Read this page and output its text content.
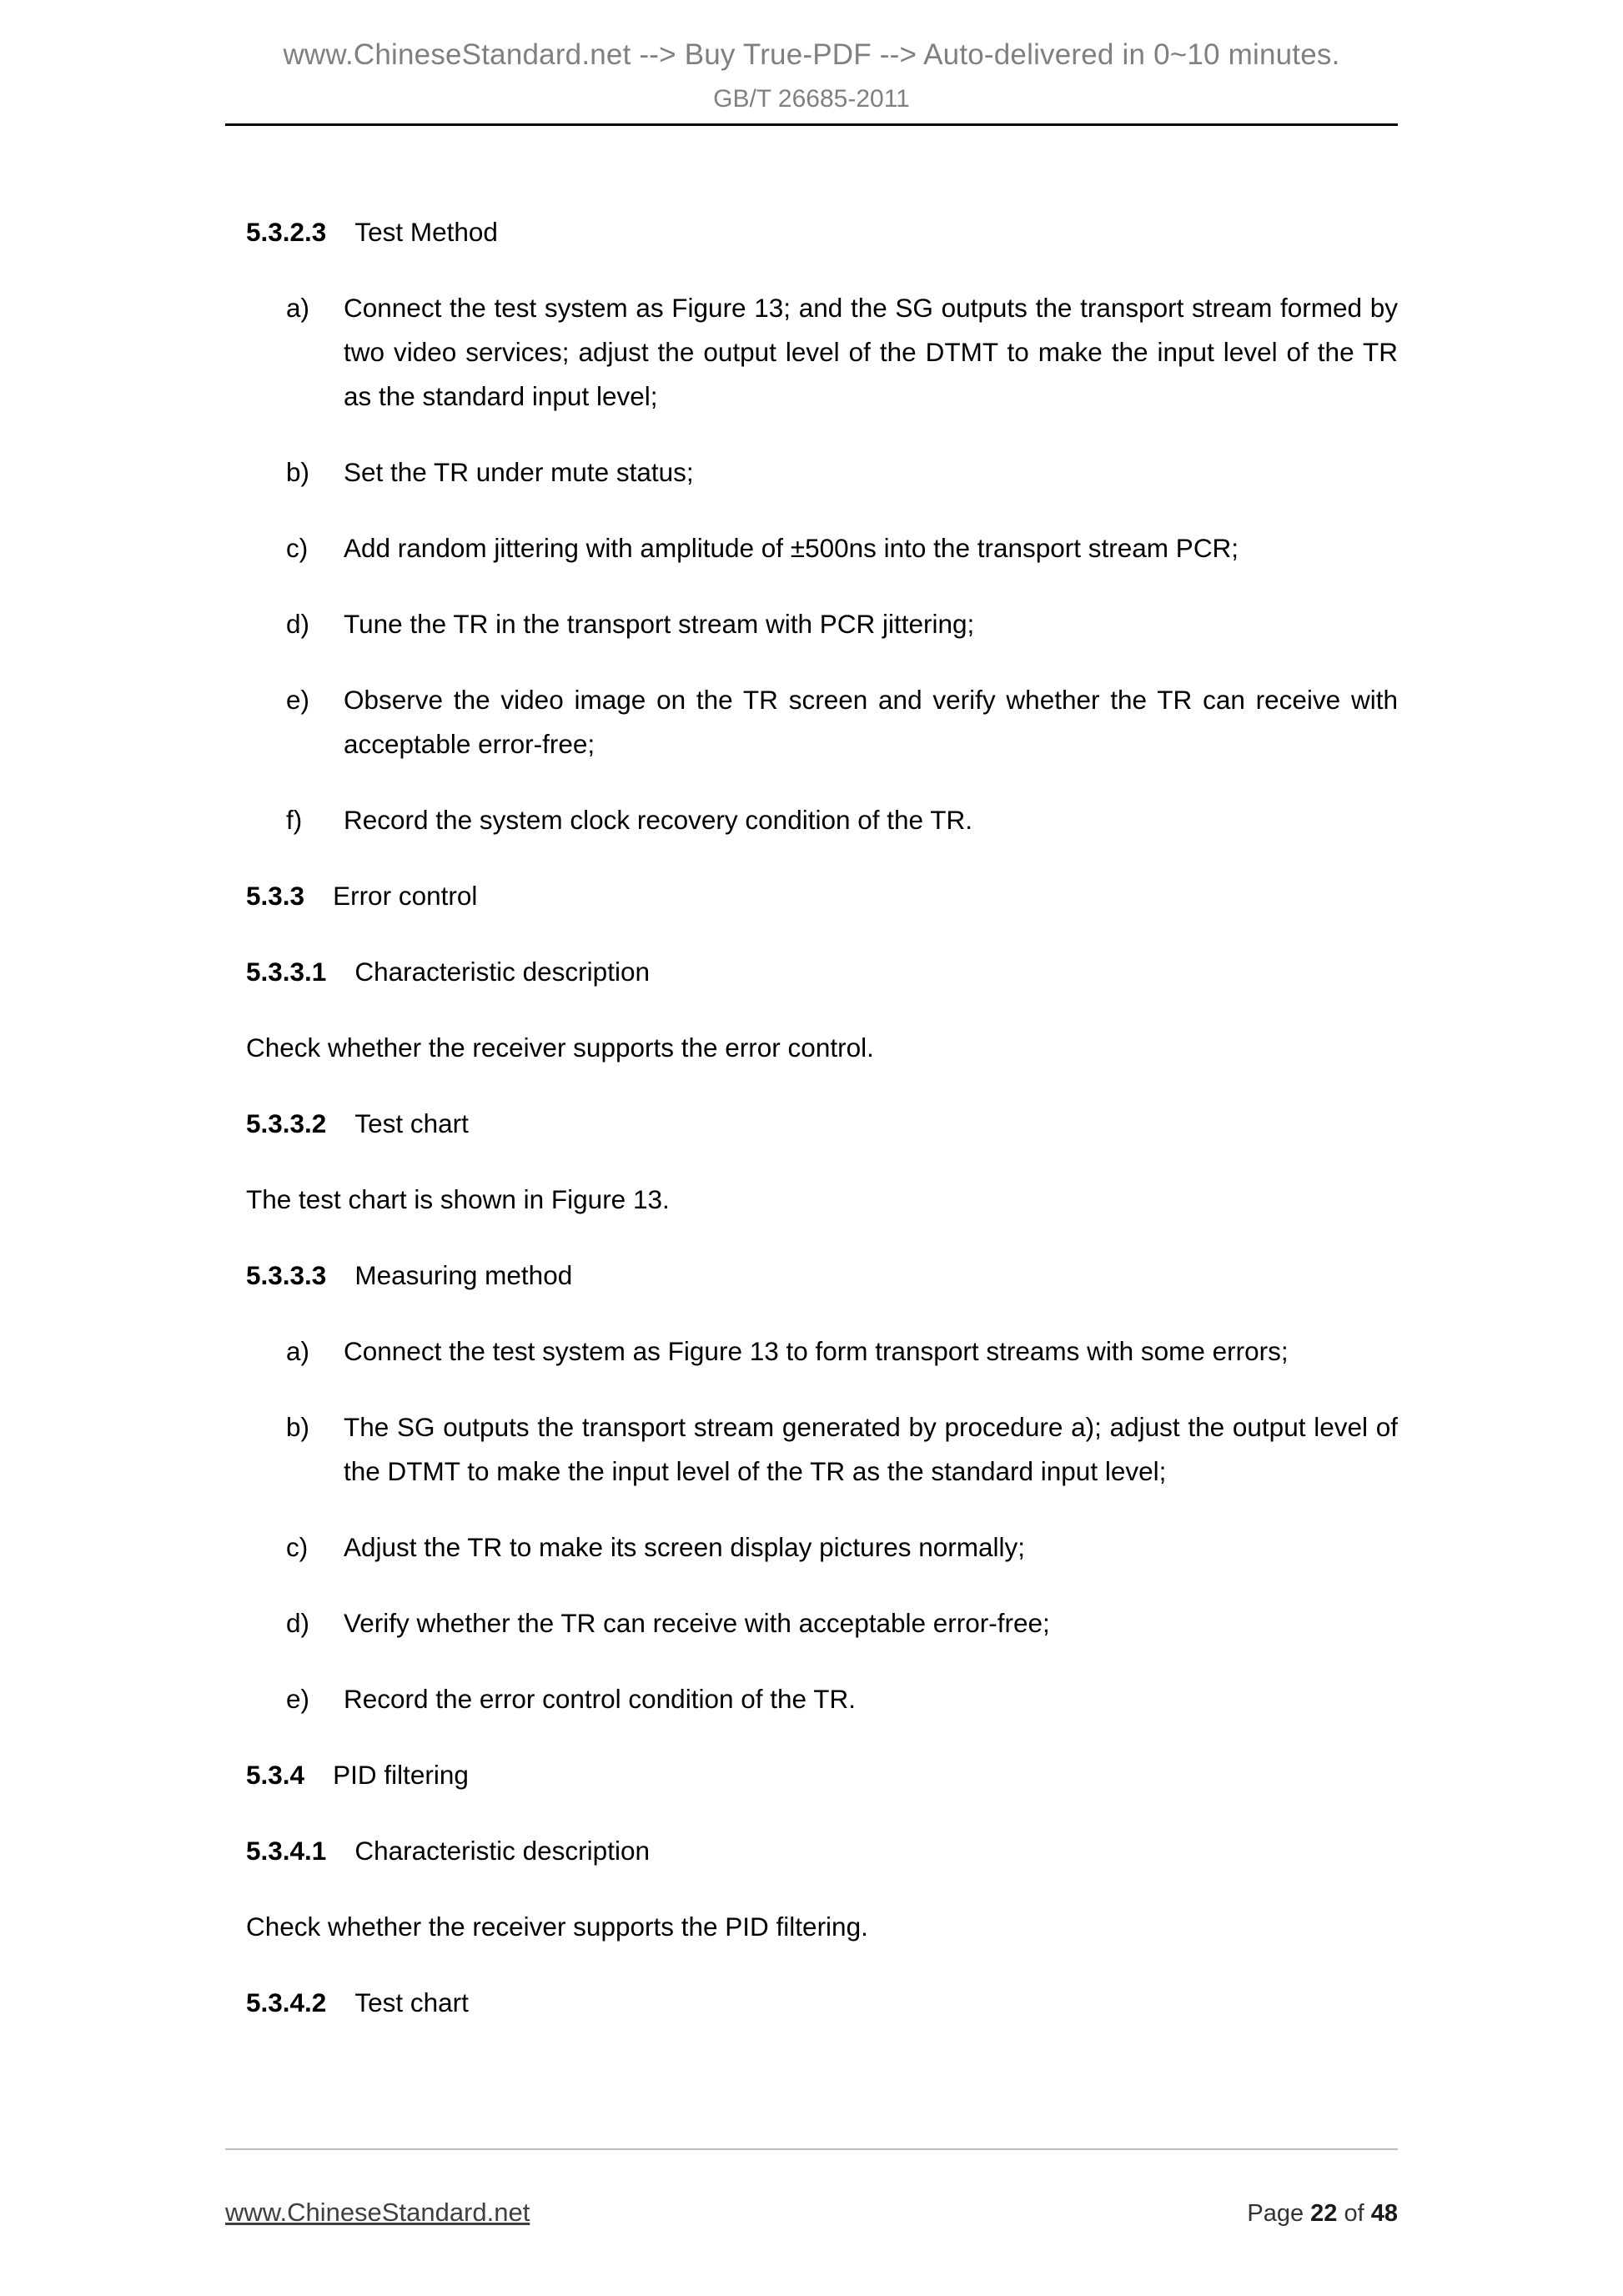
www.ChineseStandard.net --> Buy True-PDF --> Auto-delivered in 0~10 minutes.
GB/T 26685-2011
5.3.2.3 Test Method
a) Connect the test system as Figure 13; and the SG outputs the transport stream formed by two video services; adjust the output level of the DTMT to make the input level of the TR as the standard input level;
b) Set the TR under mute status;
c) Add random jittering with amplitude of ±500ns into the transport stream PCR;
d) Tune the TR in the transport stream with PCR jittering;
e) Observe the video image on the TR screen and verify whether the TR can receive with acceptable error-free;
f) Record the system clock recovery condition of the TR.
5.3.3 Error control
5.3.3.1 Characteristic description

Check whether the receiver supports the error control.

5.3.3.2 Test chart

The test chart is shown in Figure 13.

5.3.3.3 Measuring method
a) Connect the test system as Figure 13 to form transport streams with some errors;
b) The SG outputs the transport stream generated by procedure a); adjust the output level of the DTMT to make the input level of the TR as the standard input level;
c) Adjust the TR to make its screen display pictures normally;
d) Verify whether the TR can receive with acceptable error-free;
e) Record the error control condition of the TR.
5.3.4 PID filtering
5.3.4.1 Characteristic description

Check whether the receiver supports the PID filtering.

5.3.4.2 Test chart
www.ChineseStandard.net	Page 22 of 48
